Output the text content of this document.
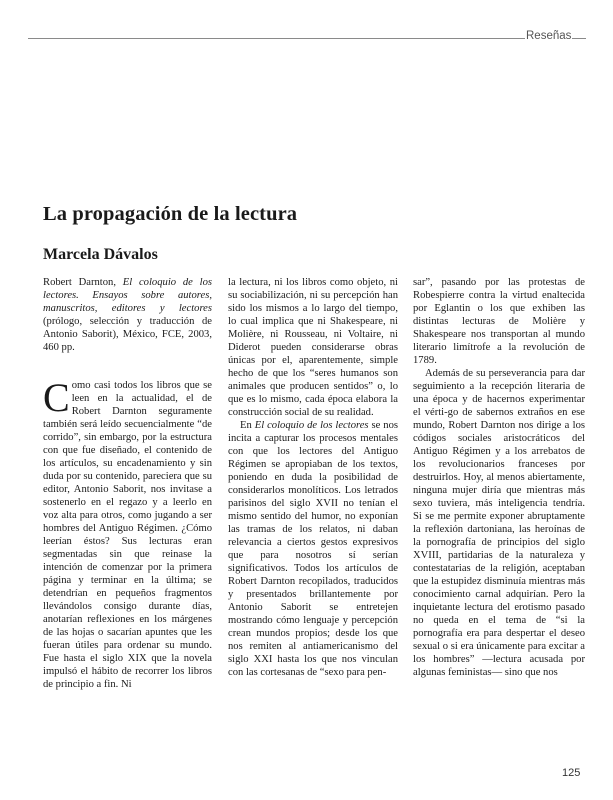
Reseñas
La propagación de la lectura
Marcela Dávalos

Robert Darnton, El coloquio de los lectores. Ensayos sobre autores, manuscritos, editores y lectores (prólogo, selección y traducción de Antonio Saborit), México, FCE, 2003, 460 pp.

Como casi todos los libros que se leen en la actualidad, el de Robert Darnton seguramente también será leído secuencialmente “de corrido”, sin embargo, por la estructura con que fue diseñado, el contenido de los artículos, su encadenamiento y sin duda por su contenido, pareciera que su editor, Antonio Saborit, nos invitase a sostenerlo en el regazo y a leerlo en voz alta para otros, como jugando a ser hombres del Antiguo Régimen. ¿Cómo leerían éstos? Sus lecturas eran segmentadas sin que reinase la intención de comenzar por la primera página y terminar en la última; se detendrían en pequeños fragmentos llevándolos consigo durante días, anotarían reflexiones en los márgenes de las hojas o sacarían apuntes que les fueran útiles para ordenar su mundo. Fue hasta el siglo XIX que la novela impulsó el hábito de recorrer los libros de principio a fin. Ni

la lectura, ni los libros como objeto, ni su sociabilización, ni su percepción han sido los mismos a lo largo del tiempo, lo cual implica que ni Shakespeare, ni Molière, ni Rousseau, ni Voltaire, ni Diderot pueden considerarse obras únicas por el, aparentemente, simple hecho de que los “seres humanos son animales que producen sentidos” o, lo que es lo mismo, cada época elabora la construcción social de su realidad.

En El coloquio de los lectores se nos incita a capturar los procesos mentales con que los lectores del Antiguo Régimen se apropiaban de los textos, poniendo en duda la posibilidad de considerarlos monolíticos. Los letrados parisinos del siglo XVII no tenían el mismo sentido del humor, no exponían las tramas de los relatos, ni daban relevancia a ciertos gestos expresivos que para nosotros sí serían significativos. Todos los artículos de Robert Darnton recopilados, traducidos y presentados brillantemente por Antonio Saborit se entretejen mostrando cómo lenguaje y percepción crean mundos propios; desde los que nos remiten al antiamericanismo del siglo XXI hasta los que nos vinculan con las cortesanas de “sexo para pen-

sar”, pasando por las protestas de Robespierre contra la virtud enaltecida por Eglantin o los que exhiben las distintas lecturas de Molière y Shakespeare nos transportan al mundo literario limítrofe a la revolución de 1789.

Además de su perseverancia para dar seguimiento a la recepción literaria de una época y de hacernos experimentar el vérti-go de sabernos extraños en ese mundo, Robert Darnton nos dirige a los códigos sociales aristocráticos del Antiguo Régimen y a los arrebatos de los revolucionarios franceses por destruirlos. Hoy, al menos abiertamente, ninguna mujer diría que mientras más sexo tuviera, más inteligencia tendría. Si se me permite exponer abruptamente la reflexión dartoniana, las heroínas de la pornografía de principios del siglo XVIII, partidarias de la naturaleza y contestatarias de la religión, aceptaban que la estupidez disminuía mientras más conocimiento carnal adquirían. Pero la inquietante lectura del erotismo pasado no queda en el tema de “si la pornografía era para despertar el deseo sexual o si era únicamente para excitar a los hombres” —lectura acusada por algunas feministas— sino que nos

125
